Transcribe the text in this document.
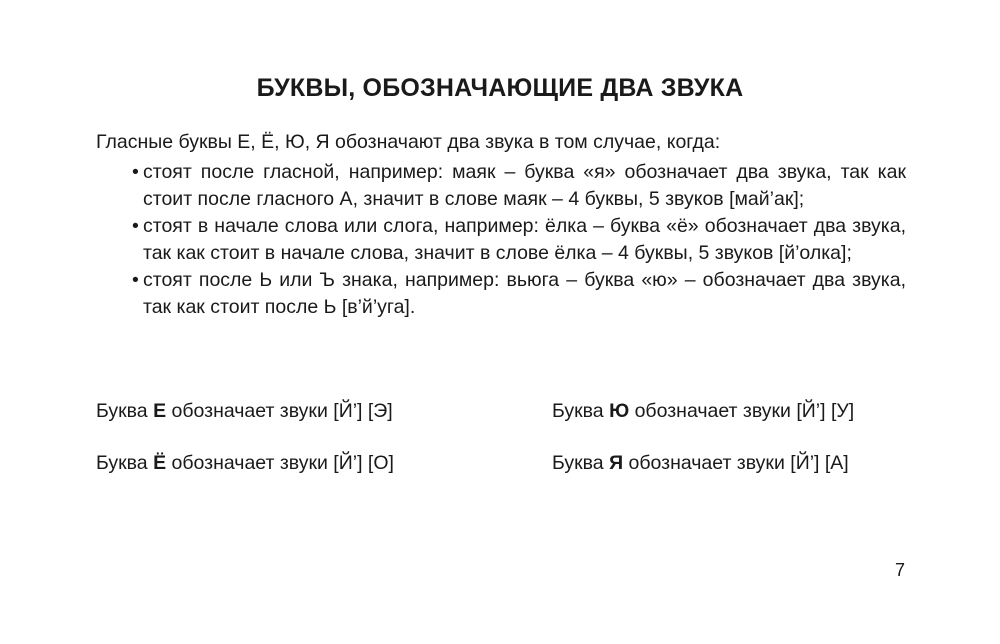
БУКВЫ, ОБОЗНАЧАЮЩИЕ ДВА ЗВУКА

Гласные буквы Е, Ё, Ю, Я обозначают два звука в том случае, когда:

• стоят после гласной, например: маяк – буква «я» обозначает два звука, так как стоит после гласного А, значит в слове маяк – 4 буквы, 5 звуков [май’ак];
• стоят в начале слова или слога, например: ёлка – буква «ё» обозначает два звука, так как стоит в начале слова, значит в слове ёлка – 4 буквы, 5 звуков [й’олка];
• стоят после Ь или Ъ знака, например: вьюга – буква «ю» – обозначает два звука, так как стоит после Ь [в’й’уга].
Буква Е обозначает звуки [Й’] [Э]	Буква Ю обозначает звуки [Й’] [У]
Буква Ё обозначает звуки [Й’] [О]	Буква Я обозначает звуки [Й’] [А]
7
